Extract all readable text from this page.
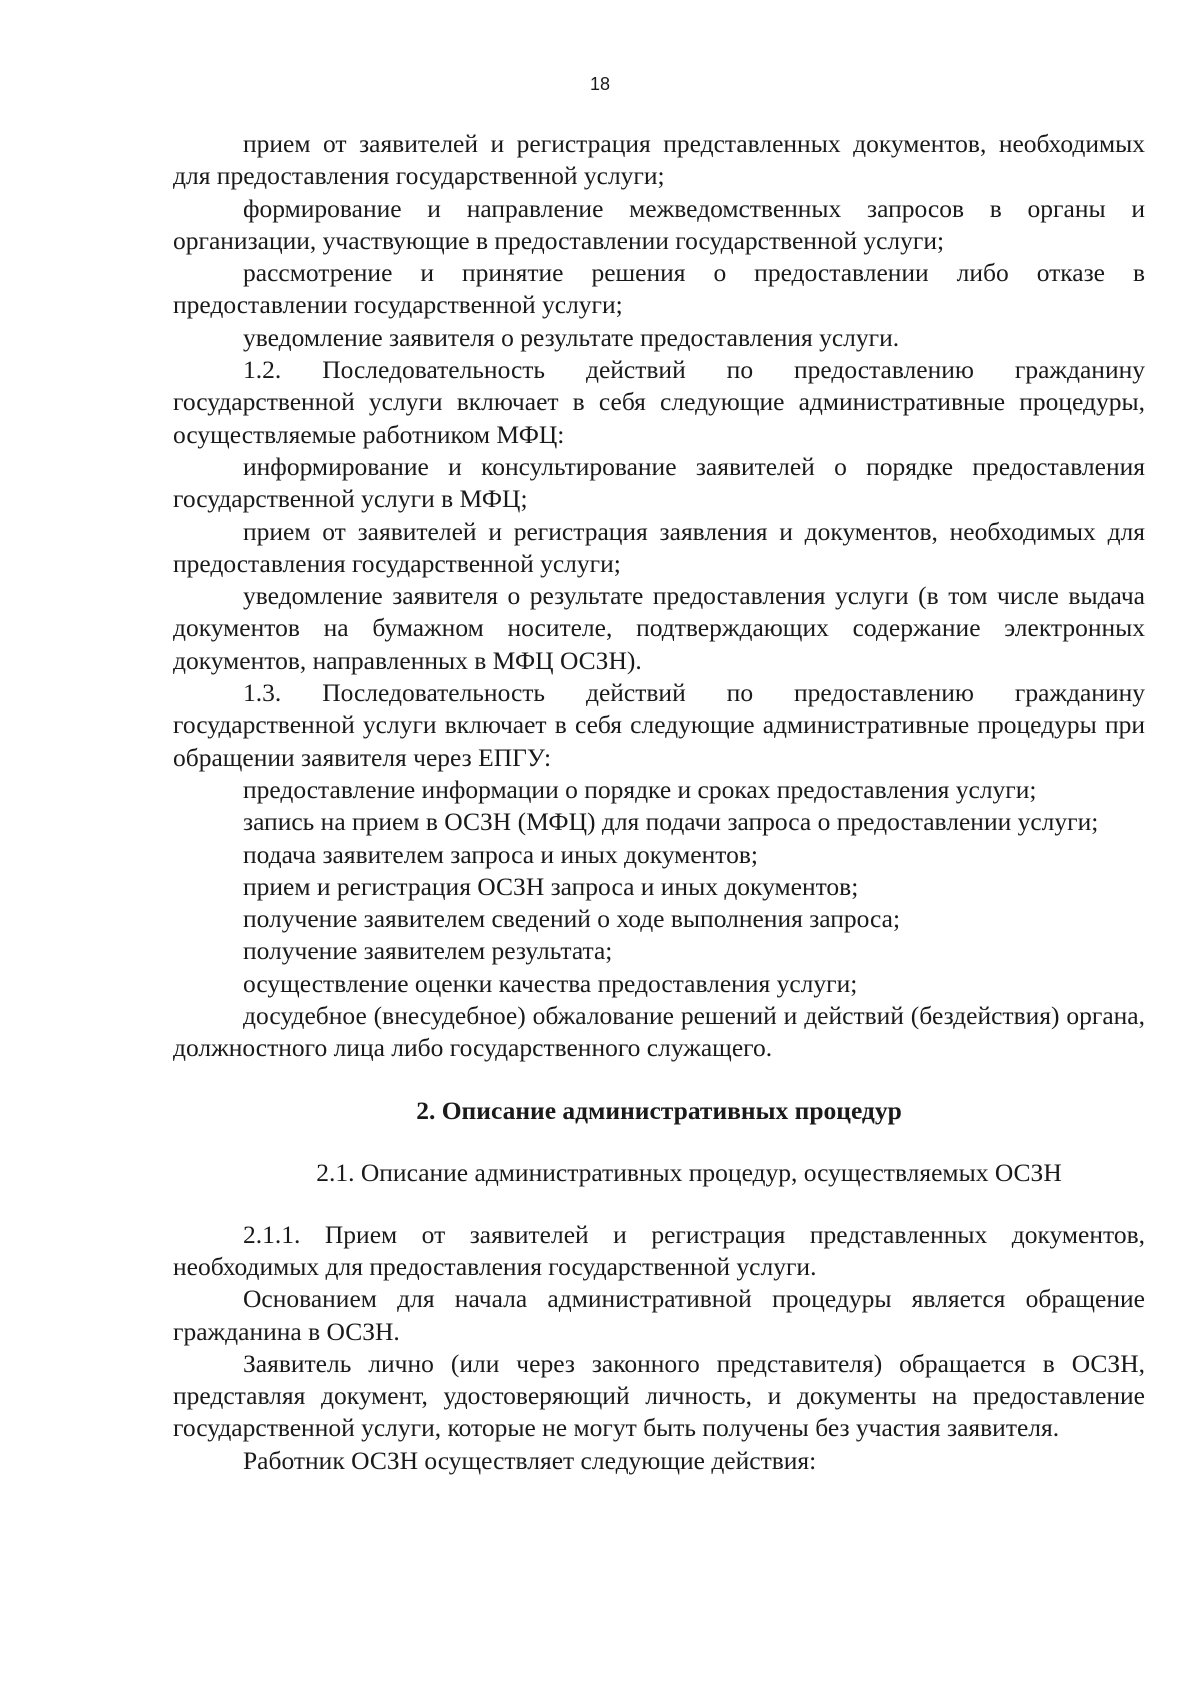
18

прием от заявителей и регистрация представленных документов, необходимых для предоставления государственной услуги;

формирование и направление межведомственных запросов в органы и организации, участвующие в предоставлении государственной услуги;

рассмотрение и принятие решения о предоставлении либо отказе в предоставлении государственной услуги;

уведомление заявителя о результате предоставления услуги.

1.2. Последовательность действий по предоставлению гражданину государственной услуги включает в себя следующие административные процедуры, осуществляемые работником МФЦ:

информирование и консультирование заявителей о порядке предоставления государственной услуги в МФЦ;

прием от заявителей и регистрация заявления и документов, необходимых для предоставления государственной услуги;

уведомление заявителя о результате предоставления услуги (в том числе выдача документов на бумажном носителе, подтверждающих содержание электронных документов, направленных в МФЦ ОСЗН).

1.3. Последовательность действий по предоставлению гражданину государственной услуги включает в себя следующие административные процедуры при обращении заявителя через ЕПГУ:

предоставление информации о порядке и сроках предоставления услуги;

запись на прием в ОСЗН (МФЦ) для подачи запроса о предоставлении услуги;

подача заявителем запроса и иных документов;

прием и регистрация ОСЗН запроса и иных документов;

получение заявителем сведений о ходе выполнения запроса;

получение заявителем результата;

осуществление оценки качества предоставления услуги;

досудебное (внесудебное) обжалование решений и действий (бездействия) органа, должностного лица либо государственного служащего.

2. Описание административных процедур
2.1. Описание административных процедур, осуществляемых ОСЗН

2.1.1. Прием от заявителей и регистрация представленных документов, необходимых для предоставления государственной услуги.

Основанием для начала административной процедуры является обращение гражданина в ОСЗН.

Заявитель лично (или через законного представителя) обращается в ОСЗН, представляя документ, удостоверяющий личность, и документы на предоставление государственной услуги, которые не могут быть получены без участия заявителя.

Работник ОСЗН осуществляет следующие действия:
